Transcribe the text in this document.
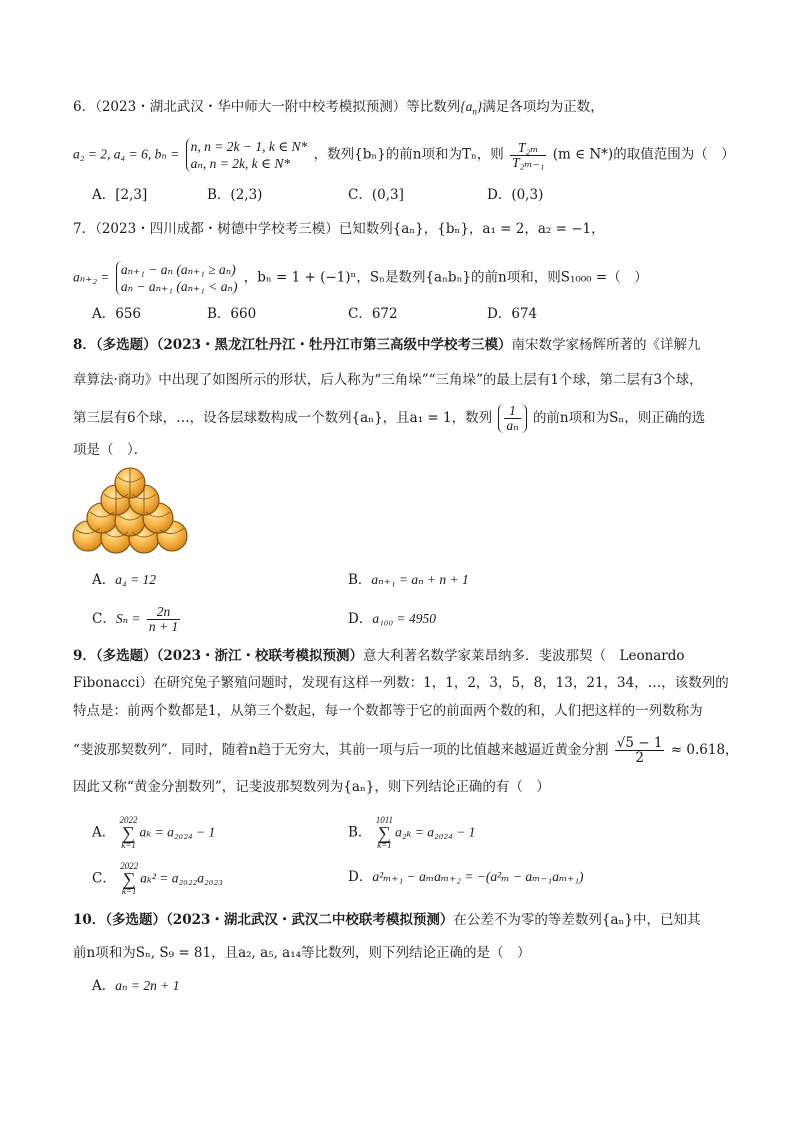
6．（2023・湖北武汉・华中师大一附中校考模拟预测）等比数列$\{a_n\}$满足各项均为正数，
a₂ = 2, a₄ = 6, bₙ = n, n = 2k − 1, k ∈ N*
aₙ, n = 2k, k ∈ N*
，数列{bₙ}的前n项和为Tₙ，则 $\frac{\text{T₂ₘ}}{\text{T₂ₘ₋₁}} (m$ ∈ N*)的取值范围为（　）
A．[2,3]	B．(2,3)	C．(0,3]	D．(0,3)
7．（2023・四川成都・树德中学校考三模）已知数列{aₙ}，{bₙ}，a₁ = 2，a₂ = −1，
aₙ₊₂ = aₙ₊₁ − aₙ (aₙ₊₁ ≥ aₙ)
aₙ − aₙ₊₁ (aₙ₊₁ < aₙ)
，bₙ = 1 + (−1)ⁿ，Sₙ是数列{aₙbₙ}的前n项和，则S₁₀₀₀ =（　）
A．656	B．660	C．672	D．674
8．（多选题）（2023・黑龙江牡丹江・牡丹江市第三高级中学校考三模）南宋数学家杨辉所著的《详解九
章算法·商功》中出现了如图所示的形状，后人称为“三角垛”“三角垛”的最上层有1个球，第二层有3个球，
第三层有6个球，…，设各层球数构成一个数列{aₙ}，且a₁ = 1，数列 $\frac{1}{\text{aₙ}}$ 的前n项和为Sₙ，则正确的选
项是（　）．
A．a₄ = 12	B．aₙ₊₁ = aₙ + n + 1
C．$S_n = \frac{2n}{n + 1}$	D．a₁₀₀ = 4950
9．（多选题）（2023・浙江・校联考模拟预测）意大利著名数学家莱昂纳多．斐波那契（　Leonardo
Fibonacci）在研究兔子繁殖问题时，发现有这样一列数：1，1，2，3，5，8，13，21，34，…，该数列的
特点是：前两个数都是1，从第三个数起，每一个数都等于它的前面两个数的和，人们把这样的一列数称为
“斐波那契数列”．同时，随着n趋于无穷大，其前一项与后一项的比值越来越逼近黄金分割 $\frac{√5 - 1}{2} \approx 0.618$，
因此又称“黄金分割数列”，记斐波那契数列为{aₙ}，则下列结论正确的有（　）
A．
2022
∑
k=1
aₖ = a₂₀₂₄ − 1	B．
1011
∑
k=1
a₂ₖ = a₂₀₂₄ − 1
C．
2022
∑
k=1
aₖ² = a₂₀₂₂a₂₀₂₃	D．a²ₘ₊₁ − aₘaₘ₊₂ = −(a²ₘ − aₘ₋₁aₘ₊₁)
10．（多选题）（2023・湖北武汉・武汉二中校联考模拟预测）在公差不为零的等差数列{aₙ}中，已知其
前n项和为Sₙ, S₉ = 81，且a₂, a₅, a₁₄等比数列，则下列结论正确的是（　）
A．aₙ = 2n + 1
